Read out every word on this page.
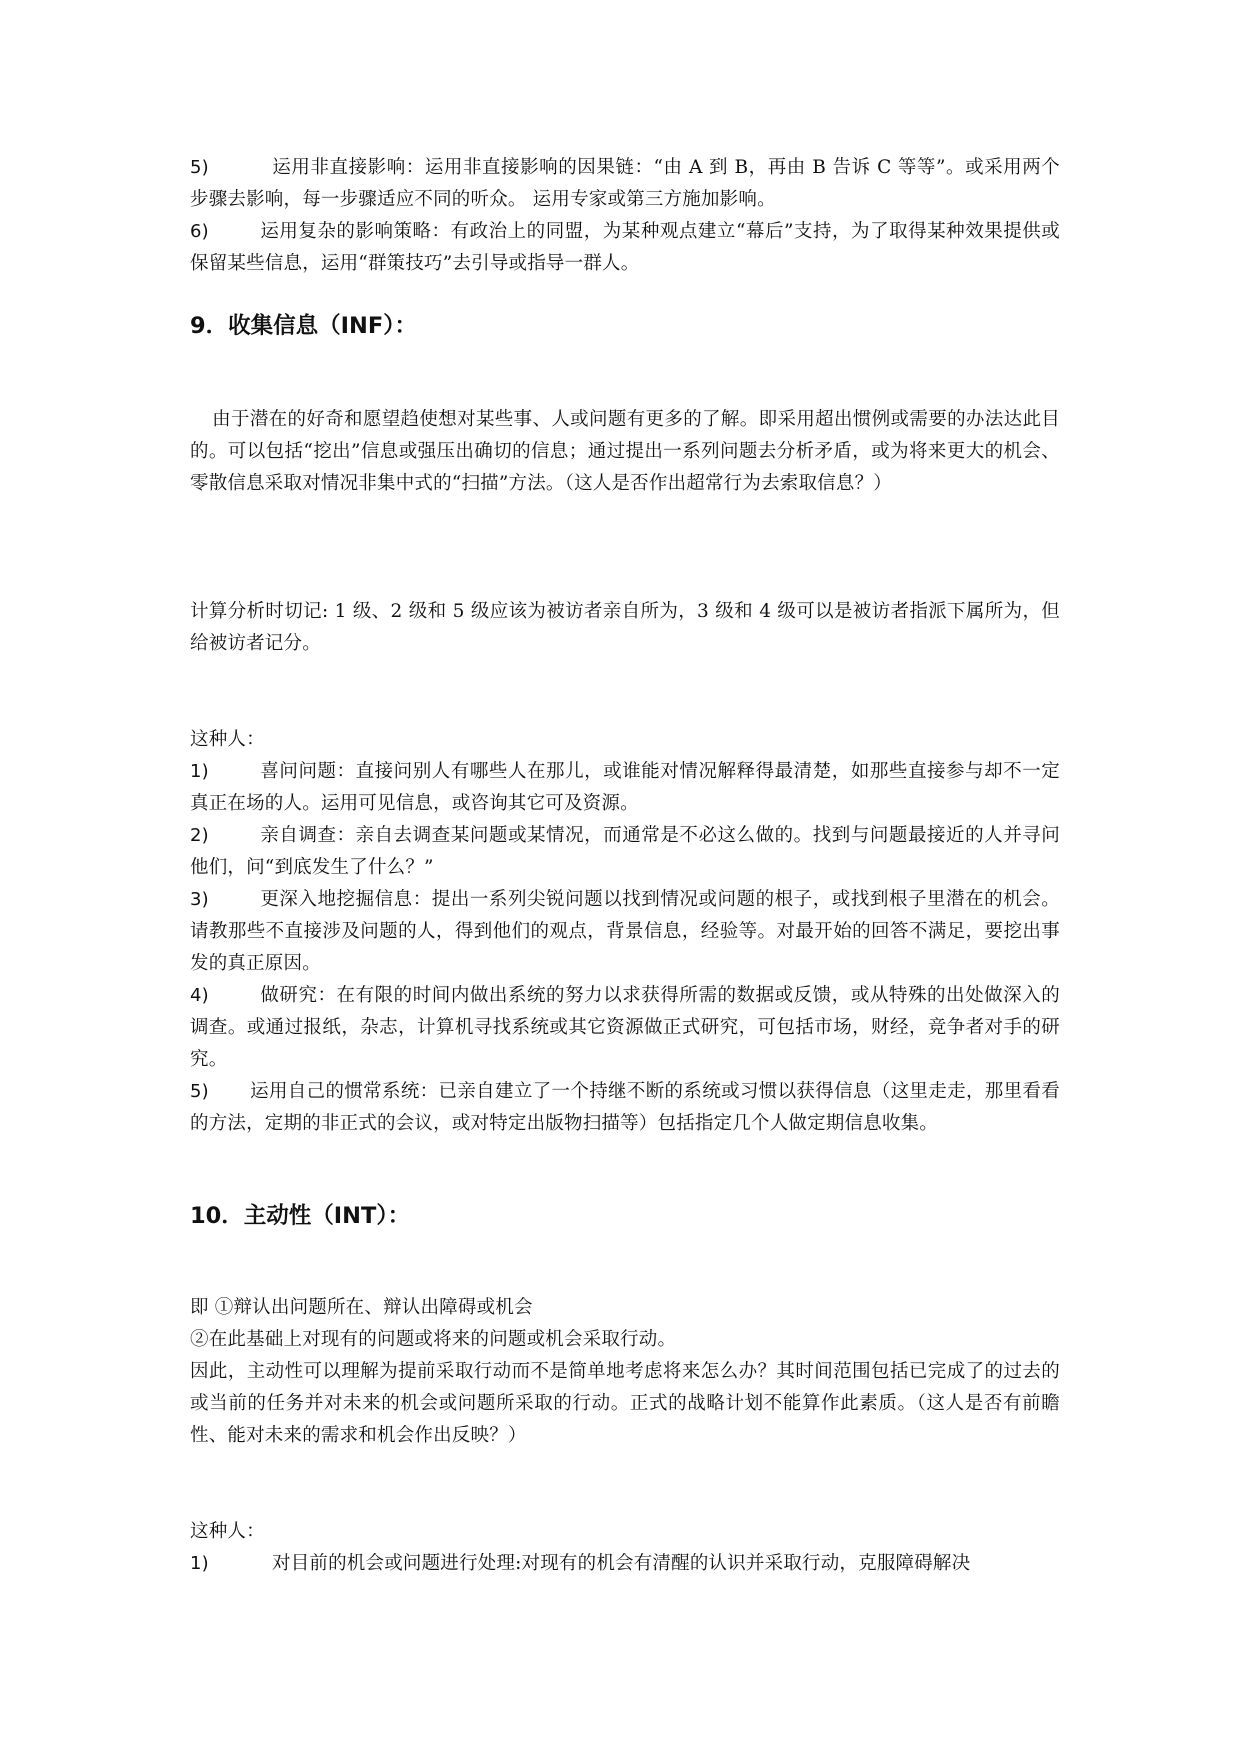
5)	运用非直接影响：运用非直接影响的因果链：“由 A 到 B，再由 B 告诉 C 等等”。或采用两个步骤去影响，每一步骤适应不同的听众。 运用专家或第三方施加影响。
6)	运用复杂的影响策略：有政治上的同盟，为某种观点建立“幕后”支持，为了取得某种效果提供或保留某些信息，运用“群策技巧”去引导或指导一群人。
9．收集信息（INF）：
由于潜在的好奇和愿望趋使想对某些事、人或问题有更多的了解。即采用超出惯例或需要的办法达此目的。可以包括“挖出”信息或强压出确切的信息；通过提出一系列问题去分析矛盾，或为将来更大的机会、零散信息采取对情况非集中式的“扫描”方法。（这人是否作出超常行为去索取信息？）
计算分析时切记: 1 级、2 级和 5 级应该为被访者亲自所为，3 级和 4 级可以是被访者指派下属所为，但给被访者记分。
这种人：
1)	喜问问题：直接问别人有哪些人在那儿，或谁能对情况解释得最清楚，如那些直接参与却不一定真正在场的人。运用可见信息，或咨询其它可及资源。
2)	亲自调查：亲自去调查某问题或某情况，而通常是不必这么做的。找到与问题最接近的人并寻问他们，问“到底发生了什么？”
3)	更深入地挖掘信息：提出一系列尖锐问题以找到情况或问题的根子，或找到根子里潜在的机会。请教那些不直接涉及问题的人，得到他们的观点，背景信息，经验等。对最开始的回答不满足，要挖出事发的真正原因。
4)	做研究：在有限的时间内做出系统的努力以求获得所需的数据或反馈，或从特殊的出处做深入的调查。或通过报纸，杂志，计算机寻找系统或其它资源做正式研究，可包括市场，财经，竞争者对手的研究。
5) 运用自己的惯常系统：已亲自建立了一个持继不断的系统或习惯以获得信息（这里走走，那里看看的方法，定期的非正式的会议，或对特定出版物扫描等）包括指定几个人做定期信息收集。
10．主动性（INT）：
即 ①辩认出问题所在、辩认出障碍或机会
②在此基础上对现有的问题或将来的问题或机会采取行动。
因此，主动性可以理解为提前采取行动而不是简单地考虑将来怎么办？其时间范围包括已完成了的过去的或当前的任务并对未来的机会或问题所采取的行动。正式的战略计划不能算作此素质。（这人是否有前瞻性、能对未来的需求和机会作出反映？）
这种人：
1)	对目前的机会或问题进行处理:对现有的机会有清醒的认识并采取行动，克服障碍解决
